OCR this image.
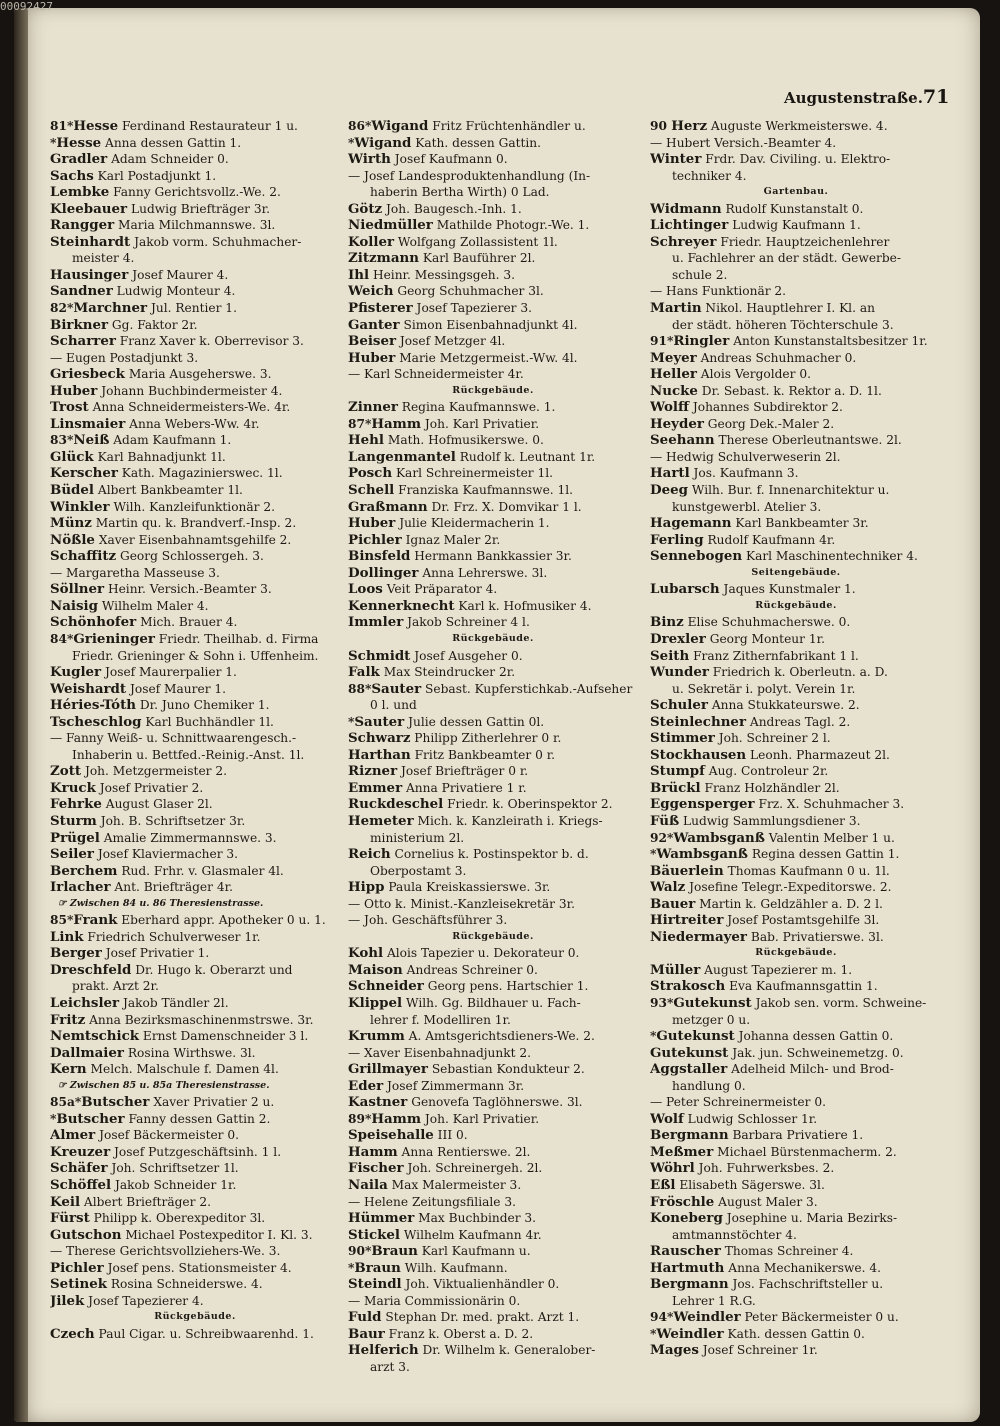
Augustenstraße. 71
81*Hesse Ferdinand Restaurateur 1 u.
*Hesse Anna dessen Gattin 1.
Gradler Adam Schneider 0.
Sachs Karl Postadjunkt 1.
Lembke Fanny Gerichtsvollz.-We. 2.
Kleebauer Ludwig Briefträger 3r.
Rangger Maria Milchmannswe. 3l.
Steinhardt Jakob vorm. Schuhmacher-
meister 4.
Hausinger Josef Maurer 4.
Sandner Ludwig Monteur 4.
82*Marchner Jul. Rentier 1.
Birkner Gg. Faktor 2r.
Scharrer Franz Xaver k. Oberrevisor 3.
— Eugen Postadjunkt 3.
Griesbeck Maria Ausgeherswe. 3.
Huber Johann Buchbindermeister 4.
Trost Anna Schneidermeisters-We. 4r.
Linsmaier Anna Webers-Ww. 4r.
83*Neiß Adam Kaufmann 1.
Glück Karl Bahnadjunkt 1l.
Kerscher Kath. Magaziniersweс. 1l.
Büdel Albert Bankbeamter 1l.
Winkler Wilh. Kanzleifunktionär 2.
Münz Martin qu. k. Brandverf.-Insp. 2.
Nößle Xaver Eisenbahnamtsgehilfe 2.
Schaffitz Georg Schlossergeh. 3.
— Margaretha Masseuse 3.
Söllner Heinr. Versich.-Beamter 3.
Naisig Wilhelm Maler 4.
Schönhofer Mich. Brauer 4.
84*Grieninger Friedr. Theilhab. d. Firma
Friedr. Grieninger & Sohn i. Uffenheim.
Kugler Josef Maurerpalier 1.
Weishardt Josef Maurer 1.
Héries-Tóth Dr. Juno Chemiker 1.
Tscheschlog Karl Buchhändler 1l.
— Fanny Weiß- u. Schnittwaarengesch.-
Inhaberin u. Bettfed.-Reinig.-Anst. 1l.
Zott Joh. Metzgermeister 2.
Kruck Josef Privatier 2.
Fehrke August Glaser 2l.
Sturm Joh. B. Schriftsetzer 3r.
Prügel Amalie Zimmermannswe. 3.
Seiler Josef Klaviermacher 3.
Berchem Rud. Frhr. v. Glasmaler 4l.
Irlacher Ant. Briefträger 4r.
☞ Zwischen 84 u. 86 Theresienstrasse.
85*Frank Eberhard appr. Apotheker 0 u. 1.
Link Friedrich Schulverweser 1r.
Berger Josef Privatier 1.
Dreschfeld Dr. Hugo k. Oberarzt und
prakt. Arzt 2r.
Leichsler Jakob Tändler 2l.
Fritz Anna Bezirksmaschinenmstrswe. 3r.
Nemtschick Ernst Damenschneider 3 l.
Dallmaier Rosina Wirthswe. 3l.
Kern Melch. Malschule f. Damen 4l.
☞ Zwischen 85 u. 85a Theresienstrasse.
85a*Butscher Xaver Privatier 2 u.
*Butscher Fanny dessen Gattin 2.
Almer Josef Bäckermeister 0.
Kreuzer Josef Putzgeschäftsinh. 1 l.
Schäfer Joh. Schriftsetzer 1l.
Schöffel Jakob Schneider 1r.
Keil Albert Briefträger 2.
Fürst Philipp k. Oberexpeditor 3l.
Gutschon Michael Postexpeditor I. Kl. 3.
— Therese Gerichtsvollziehers-We. 3.
Pichler Josef pens. Stationsmeister 4.
Setinek Rosina Schneiderswe. 4.
Jilek Josef Tapezierer 4.
Rückgebäude.
Czech Paul Cigar. u. Schreibwaarenhd. 1.
86*Wigand Fritz Früchtenhändler u.
*Wigand Kath. dessen Gattin.
Wirth Josef Kaufmann 0.
— Josef Landesproduktenhandlung (In-
haberin Bertha Wirth) 0 Lad.
Götz Joh. Baugesch.-Inh. 1.
Niedmüller Mathilde Photogr.-We. 1.
Koller Wolfgang Zollassistent 1l.
Zitzmann Karl Bauführer 2l.
Ihl Heinr. Messingsgeh. 3.
Weich Georg Schuhmacher 3l.
Pfisterer Josef Tapezierer 3.
Ganter Simon Eisenbahnadjunkt 4l.
Beiser Josef Metzger 4l.
Huber Marie Metzgermeist.-Ww. 4l.
— Karl Schneidermeister 4r.
Rückgebäude.
Zinner Regina Kaufmannswe. 1.
87*Hamm Joh. Karl Privatier.
Hehl Math. Hofmusikerswe. 0.
Langenmantel Rudolf k. Leutnant 1r.
Posch Karl Schreinermeister 1l.
Schell Franziska Kaufmannswe. 1l.
Graßmann Dr. Frz. X. Domvikar 1 l.
Huber Julie Kleidermacherin 1.
Pichler Ignaz Maler 2r.
Binsfeld Hermann Bankkassier 3r.
Dollinger Anna Lehrerswe. 3l.
Loos Veit Präparator 4.
Kennerknecht Karl k. Hofmusiker 4.
Immler Jakob Schreiner 4 l.
Rückgebäude.
Schmidt Josef Ausgeher 0.
Falk Max Steindrucker 2r.
88*Sauter Sebast. Kupferstichkab.-Aufseher
0 l. und
*Sauter Julie dessen Gattin 0l.
Schwarz Philipp Zitherlehrer 0 r.
Harthan Fritz Bankbeamter 0 r.
Rizner Josef Briefträger 0 r.
Emmer Anna Privatiere 1 r.
Ruckdeschel Friedr. k. Oberinspektor 2.
Hemeter Mich. k. Kanzleirath i. Kriegs-
ministerium 2l.
Reich Cornelius k. Postinspektor b. d.
Oberpostamt 3.
Hipp Paula Kreiskassierswe. 3r.
— Otto k. Minist.-Kanzleisekretär 3r.
— Joh. Geschäftsführer 3.
Rückgebäude.
Kohl Alois Tapezier u. Dekorateur 0.
Maison Andreas Schreiner 0.
Schneider Georg pens. Hartschier 1.
Klippel Wilh. Gg. Bildhauer u. Fach-
lehrer f. Modelliren 1r.
Krumm A. Amtsgerichtsdieners-We. 2.
— Xaver Eisenbahnadjunkt 2.
Grillmayer Sebastian Kondukteur 2.
Eder Josef Zimmermann 3r.
Kastner Genovefa Taglöhnerswe. 3l.
89*Hamm Joh. Karl Privatier.
Speisehalle III 0.
Hamm Anna Rentierswe. 2l.
Fischer Joh. Schreinergeh. 2l.
Naila Max Malermeister 3.
— Helene Zeitungsfiliale 3.
Hümmer Max Buchbinder 3.
Stickel Wilhelm Kaufmann 4r.
90*Braun Karl Kaufmann u.
*Braun Wilh. Kaufmann.
Steindl Joh. Viktualienhändler 0.
— Maria Commissionärin 0.
Fuld Stephan Dr. med. prakt. Arzt 1.
Baur Franz k. Oberst a. D. 2.
Helferich Dr. Wilhelm k. Generalober-
arzt 3.
90 Herz Auguste Werkmeisterswe. 4.
— Hubert Versich.-Beamter 4.
Winter Frdr. Dav. Civiling. u. Elektro-
techniker 4.
Gartenbau.
Widmann Rudolf Kunstanstalt 0.
Lichtinger Ludwig Kaufmann 1.
Schreyer Friedr. Hauptzeichenlehrer
u. Fachlehrer an der städt. Gewerbe-
schule 2.
— Hans Funktionär 2.
Martin Nikol. Hauptlehrer I. Kl. an
der städt. höheren Töchterschule 3.
91*Ringler Anton Kunstanstaltsbesitzer 1r.
Meyer Andreas Schuhmacher 0.
Heller Alois Vergolder 0.
Nucke Dr. Sebast. k. Rektor a. D. 1l.
Wolff Johannes Subdirektor 2.
Heyder Georg Dek.-Maler 2.
Seehann Therese Oberleutnantswe. 2l.
— Hedwig Schulverweserin 2l.
Hartl Jos. Kaufmann 3.
Deeg Wilh. Bur. f. Innenarchitektur u.
kunstgewerbl. Atelier 3.
Hagemann Karl Bankbeamter 3r.
Ferling Rudolf Kaufmann 4r.
Sennebogen Karl Maschinentechniker 4.
Seitengebäude.
Lubarsch Jaques Kunstmaler 1.
Rückgebäude.
Binz Elise Schuhmacherswe. 0.
Drexler Georg Monteur 1r.
Seith Franz Zithernfabrikant 1 l.
Wunder Friedrich k. Oberleutn. a. D.
u. Sekretär i. polyt. Verein 1r.
Schuler Anna Stukkateurswe. 2.
Steinlechner Andreas Tagl. 2.
Stimmer Joh. Schreiner 2 l.
Stockhausen Leonh. Pharmazeut 2l.
Stumpf Aug. Controleur 2r.
Brückl Franz Holzhändler 2l.
Eggensperger Frz. X. Schuhmacher 3.
Füß Ludwig Sammlungsdiener 3.
92*Wambsganß Valentin Melber 1 u.
*Wambsganß Regina dessen Gattin 1.
Bäuerlein Thomas Kaufmann 0 u. 1l.
Walz Josefine Telegr.-Expeditorswe. 2.
Bauer Martin k. Geldzähler a. D. 2 l.
Hirtreiter Josef Postamtsgehilfe 3l.
Niedermayer Bab. Privatierswe. 3l.
Rückgebäude.
Müller August Tapezierer m. 1.
Strakosch Eva Kaufmannsgattin 1.
93*Gutekunst Jakob sen. vorm. Schweine-
metzger 0 u.
*Gutekunst Johanna dessen Gattin 0.
Gutekunst Jak. jun. Schweinemetzg. 0.
Aggstaller Adelheid Milch- und Brod-
handlung 0.
— Peter Schreinermeister 0.
Wolf Ludwig Schlosser 1r.
Bergmann Barbara Privatiere 1.
Meßmer Michael Bürstenmacherm. 2.
Wöhrl Joh. Fuhrwerksbes. 2.
Eßl Elisabeth Sägerswe. 3l.
Fröschle August Maler 3.
Koneberg Josephine u. Maria Bezirks-
amtmannstöchter 4.
Rauscher Thomas Schreiner 4.
Hartmuth Anna Mechanikerswe. 4.
Bergmann Jos. Fachschriftsteller u.
Lehrer 1 R.G.
94*Weindler Peter Bäckermeister 0 u.
*Weindler Kath. dessen Gattin 0.
Mages Josef Schreiner 1r.
00092427
